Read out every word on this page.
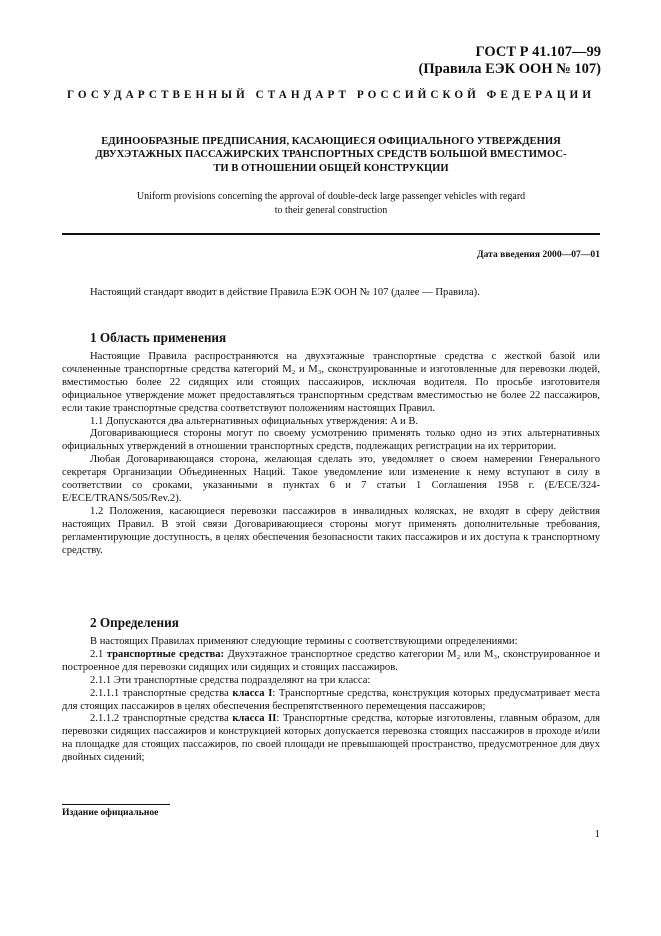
ГОСТ Р 41.107—99
(Правила ЕЭК ООН № 107)
ГОСУДАРСТВЕННЫЙ СТАНДАРТ РОССИЙСКОЙ ФЕДЕРАЦИИ
ЕДИНООБРАЗНЫЕ ПРЕДПИСАНИЯ, КАСАЮЩИЕСЯ ОФИЦИАЛЬНОГО УТВЕРЖДЕНИЯ
ДВУХЭТАЖНЫХ ПАССАЖИРСКИХ ТРАНСПОРТНЫХ СРЕДСТВ БОЛЬШОЙ ВМЕСТИМОС-
ТИ В ОТНОШЕНИИ ОБЩЕЙ КОНСТРУКЦИИ
Uniform provisions concerning the approval of double-deck large passenger vehicles with regard
to their general construction
Дата введения 2000—07—01

Настоящий стандарт вводит в действие Правила ЕЭК ООН № 107 (далее — Правила).

1 Область применения
Настоящие Правила распространяются на двухэтажные транспортные средства с жесткой базой или сочлененные транспортные средства категорий M₂ и M₃, сконструированные и изготовленные для перевозки людей, вместимостью более 22 сидящих или стоящих пассажиров, исключая водителя. По просьбе изготовителя официальное утверждение может предоставляться транспортным средствам вместимостью не более 22 пассажиров, если такие транспортные средства соответствуют положениям настоящих Правил.
1.1 Допускаются два альтернативных официальных утверждения: A и B.
Договаривающиеся стороны могут по своему усмотрению применять только одно из этих альтернативных официальных утверждений в отношении транспортных средств, подлежащих регистрации на их территории.
Любая Договаривающаяся сторона, желающая сделать это, уведомляет о своем намерении Генерального секретаря Организации Объединенных Наций. Такое уведомление или изменение к нему вступают в силу в соответствии со сроками, указанными в пунктах 6 и 7 статьи 1 Соглашения 1958 г. (E/ECE/324-E/ECE/TRANS/505/Rev.2).
1.2 Положения, касающиеся перевозки пассажиров в инвалидных колясках, не входят в сферу действия настоящих Правил. В этой связи Договаривающиеся стороны могут применять дополнительные требования, регламентирующие доступность, в целях обеспечения безопасности таких пассажиров и их доступа к транспортному средству.
2 Определения
В настоящих Правилах применяют следующие термины с соответствующими определениями:
2.1 транспортные средства: Двухэтажное транспортное средство категории M₂ или M₃, сконструированное и построенное для перевозки сидящих или сидящих и стоящих пассажиров.
2.1.1 Эти транспортные средства подразделяют на три класса:
2.1.1.1 транспортные средства класса I: Транспортные средства, конструкция которых предусматривает места для стоящих пассажиров в целях обеспечения беспрепятственного перемещения пассажиров;
2.1.1.2 транспортные средства класса II: Транспортные средства, которые изготовлены, главным образом, для перевозки сидящих пассажиров и конструкцией которых допускается перевозка стоящих пассажиров в проходе и/или на площадке для стоящих пассажиров, по своей площади не превышающей пространство, предусмотренное для двух двойных сидений;
Издание официальное
1
